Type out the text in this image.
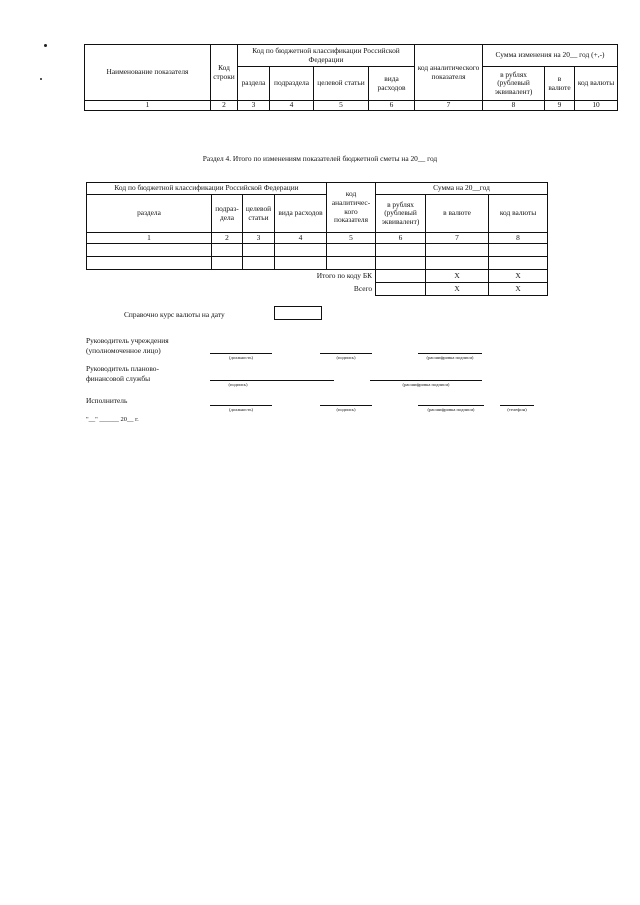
Наименование показателя	Код строки	Код по бюджетной классификации Российской Федерации				код аналитического показателя	Сумма изменения на 20__ год (+,-)		
		раздела	подраздела	целевой статьи	вида расходов		в рублях (рублевый эквивалент)	в валюте	код валюты
1	2	3	4	5	6	7	8	9	10
Раздел 4. Итого по изменениям показателей бюджетной сметы на 20__ год
Код по бюджетной классификации Российской Федерации				код аналитичес-кого показателя	Сумма на 20__год		
раздела	подраз-дела	целевой статьи	вида расходов		в рублях (рублевый эквивалент)	в валюте	код валюты
1	2	3	4	5	6	7	8

Итого по коду БК						X	X
Всего						X	X
Справочно курс валюты на дату
Руководитель учреждения (уполномоченное лицо)
(должность)	(подпись)	(расшифровка подписи)
Руководитель планово-финансовой службы
(подпись)	(расшифровка подписи)
Исполнитель
(должность)	(подпись)	(расшифровка подписи)	(телефон)
"__" ______ 20__ г.
